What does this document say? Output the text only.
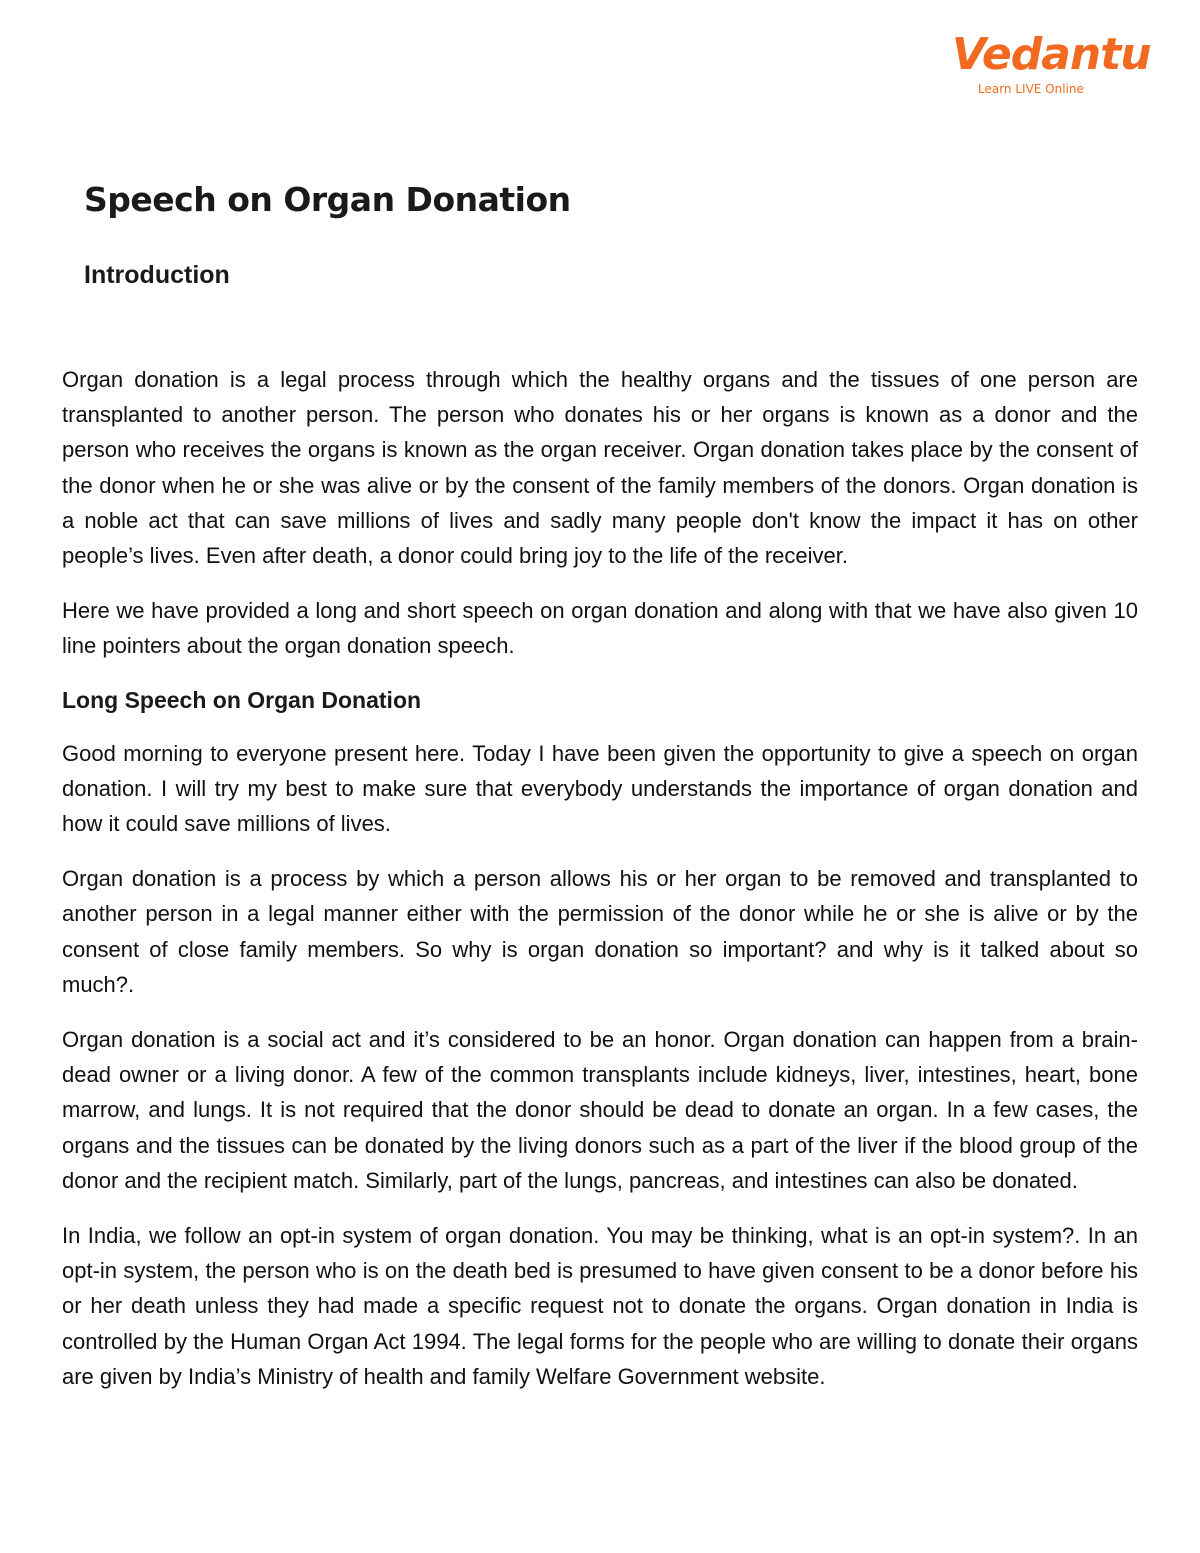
Vedantu
Learn LIVE Online
Speech on Organ Donation
Introduction

Organ donation is a legal process through which the healthy organs and the tissues of one person are transplanted to another person. The person who donates his or her organs is known as a donor and the person who receives the organs is known as the organ receiver. Organ donation takes place by the consent of the donor when he or she was alive or by the consent of the family members of the donors. Organ donation is a noble act that can save millions of lives and sadly many people don't know the impact it has on other people’s lives. Even after death, a donor could bring joy to the life of the receiver.

Here we have provided a long and short speech on organ donation and along with that we have also given 10 line pointers about the organ donation speech.

Long Speech on Organ Donation

Good morning to everyone present here. Today I have been given the opportunity to give a speech on organ donation. I will try my best to make sure that everybody understands the importance of organ donation and how it could save millions of lives.

Organ donation is a process by which a person allows his or her organ to be removed and transplanted to another person in a legal manner either with the permission of the donor while he or she is alive or by the consent of close family members. So why is organ donation so important? and why is it talked about so much?.

Organ donation is a social act and it’s considered to be an honor. Organ donation can happen from a brain-dead owner or a living donor. A few of the common transplants include kidneys, liver, intestines, heart, bone marrow, and lungs. It is not required that the donor should be dead to donate an organ. In a few cases, the organs and the tissues can be donated by the living donors such as a part of the liver if the blood group of the donor and the recipient match. Similarly, part of the lungs, pancreas, and intestines can also be donated.

In India, we follow an opt-in system of organ donation. You may be thinking, what is an opt-in system?. In an opt-in system, the person who is on the death bed is presumed to have given consent to be a donor before his or her death unless they had made a specific request not to donate the organs. Organ donation in India is controlled by the Human Organ Act 1994. The legal forms for the people who are willing to donate their organs are given by India’s Ministry of health and family Welfare Government website.
